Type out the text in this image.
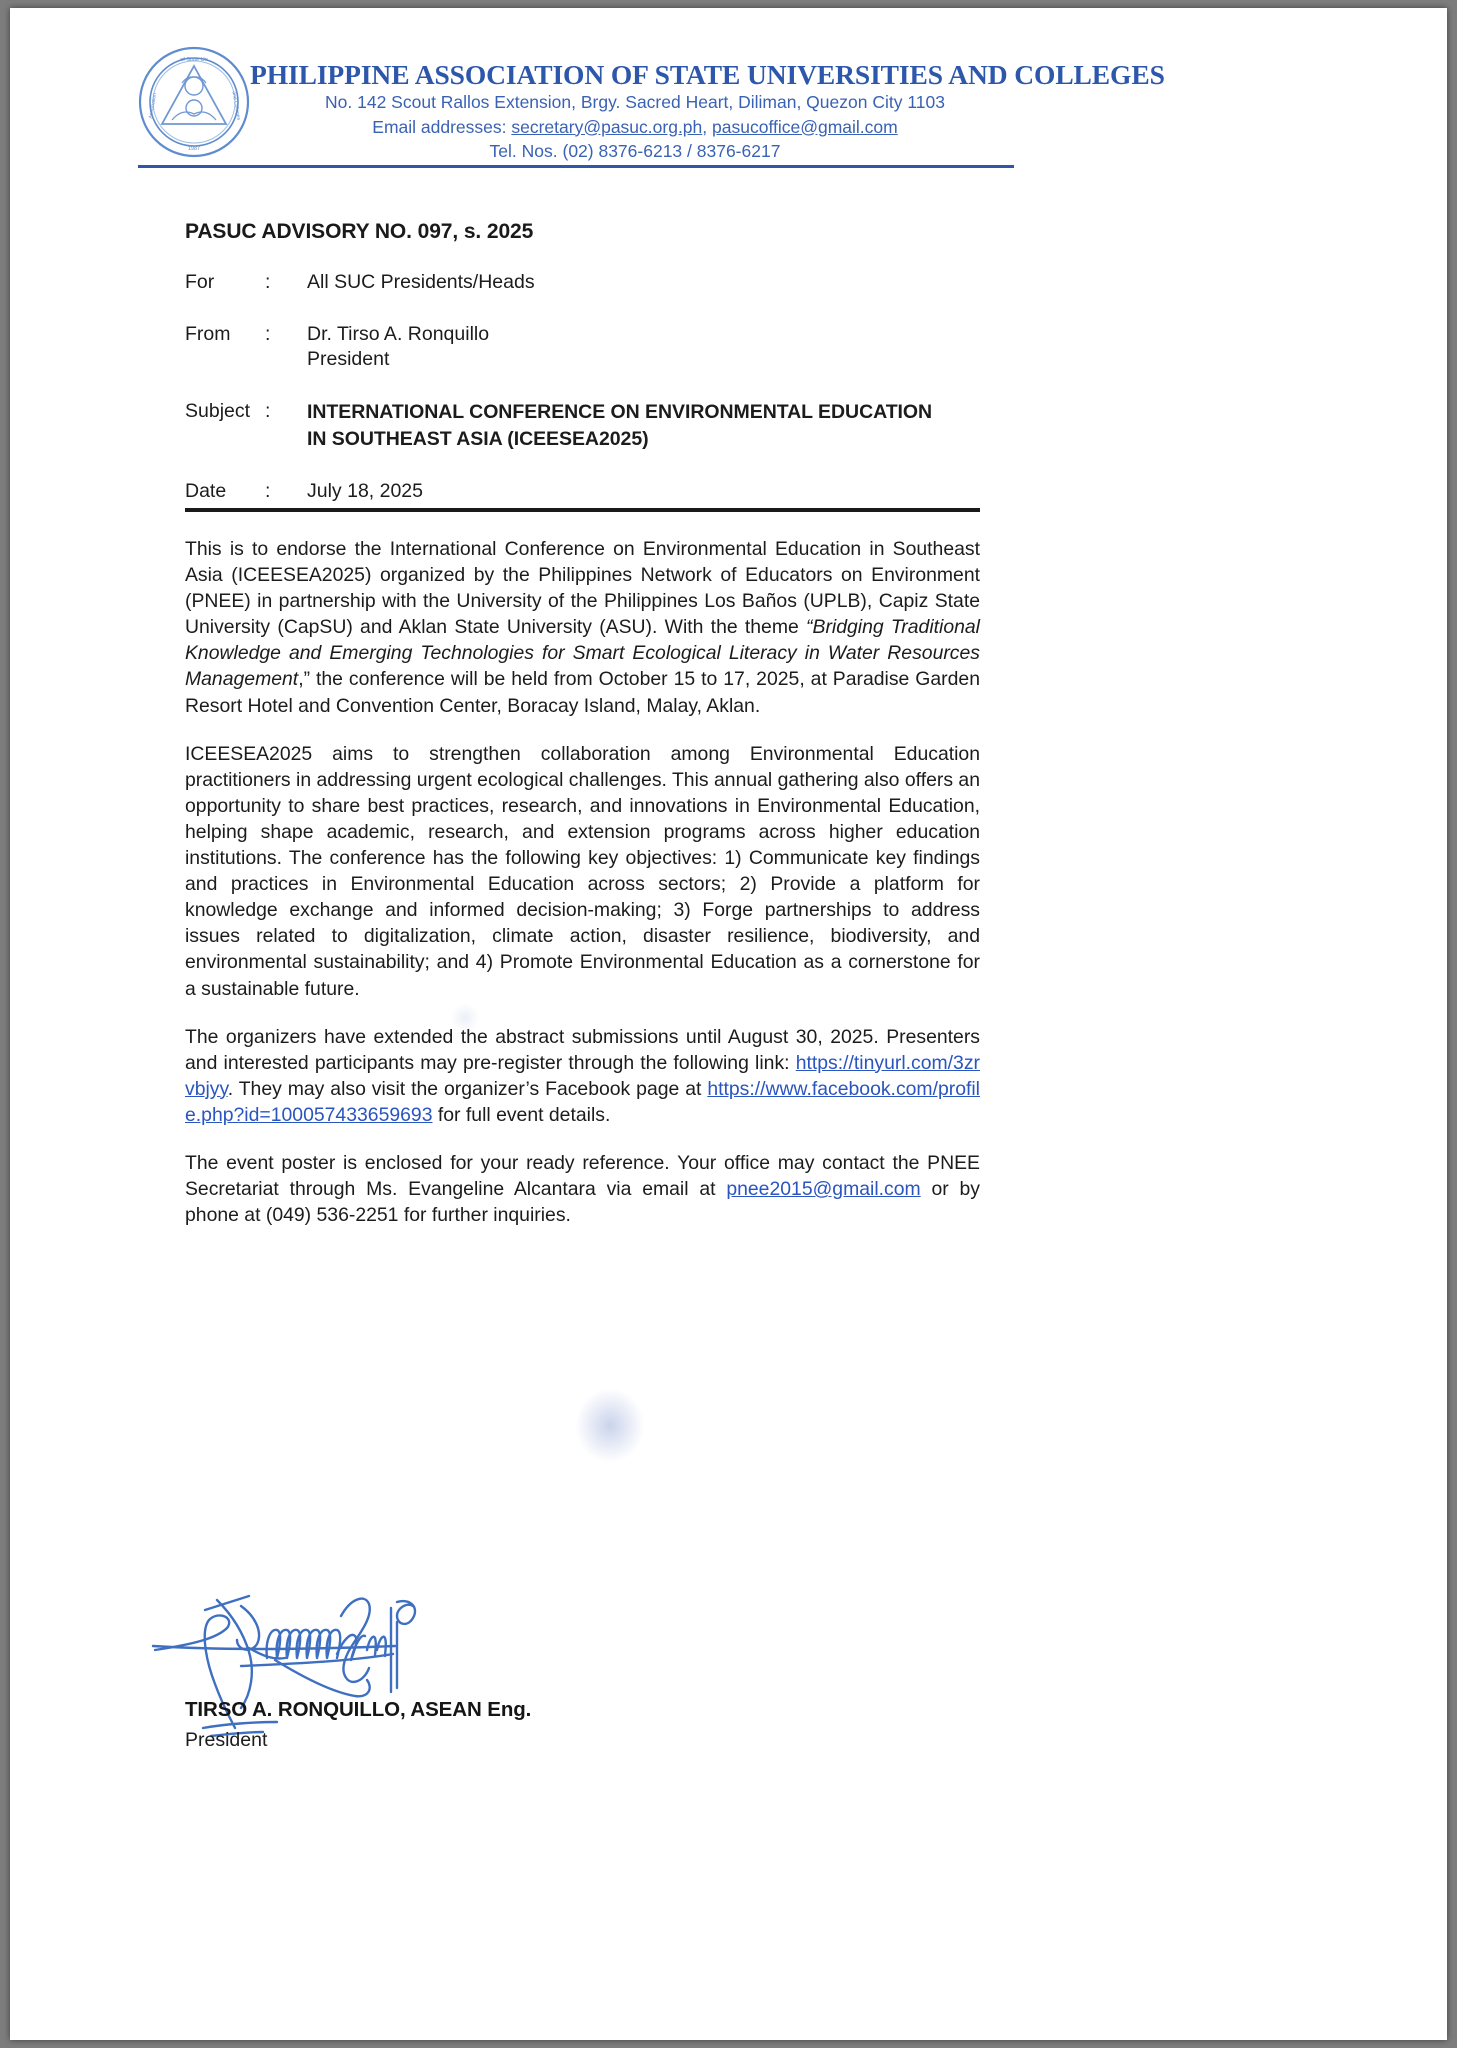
of State Un
1987
Association	and Colleges
PHILIPPINE ASSOCIATION OF STATE UNIVERSITIES AND COLLEGES
No. 142 Scout Rallos Extension, Brgy. Sacred Heart, Diliman, Quezon City 1103
Email addresses: secretary@pasuc.org.ph, pasucoffice@gmail.com
Tel. Nos. (02) 8376-6213 / 8376-6217
PASUC ADVISORY NO. 097, s. 2025
For	:	All SUC Presidents/Heads
From	:	Dr. Tirso A. Ronquillo
President
Subject :	INTERNATIONAL CONFERENCE ON ENVIRONMENTAL EDUCATION
IN SOUTHEAST ASIA (ICEESEA2025)
Date	:	July 18, 2025

This is to endorse the International Conference on Environmental Education in Southeast Asia (ICEESEA2025) organized by the Philippines Network of Educators on Environment (PNEE) in partnership with the University of the Philippines Los Baños (UPLB), Capiz State University (CapSU) and Aklan State University (ASU). With the theme “Bridging Traditional Knowledge and Emerging Technologies for Smart Ecological Literacy in Water Resources Management,” the conference will be held from October 15 to 17, 2025, at Paradise Garden Resort Hotel and Convention Center, Boracay Island, Malay, Aklan.

ICEESEA2025 aims to strengthen collaboration among Environmental Education practitioners in addressing urgent ecological challenges. This annual gathering also offers an opportunity to share best practices, research, and innovations in Environmental Education, helping shape academic, research, and extension programs across higher education institutions. The conference has the following key objectives: 1) Communicate key findings and practices in Environmental Education across sectors; 2) Provide a platform for knowledge exchange and informed decision-making; 3) Forge partnerships to address issues related to digitalization, climate action, disaster resilience, biodiversity, and environmental sustainability; and 4) Promote Environmental Education as a cornerstone for a sustainable future.

The organizers have extended the abstract submissions until August 30, 2025. Presenters and interested participants may pre-register through the following link: https://tinyurl.com/3zrvbjyy. They may also visit the organizer’s Facebook page at https://www.facebook.com/profile.php?id=100057433659693 for full event details.

The event poster is enclosed for your ready reference. Your office may contact the PNEE Secretariat through Ms. Evangeline Alcantara via email at pnee2015@gmail.com or by phone at (049) 536-2251 for further inquiries.

TIRSO A. RONQUILLO, ASEAN Eng.
President
